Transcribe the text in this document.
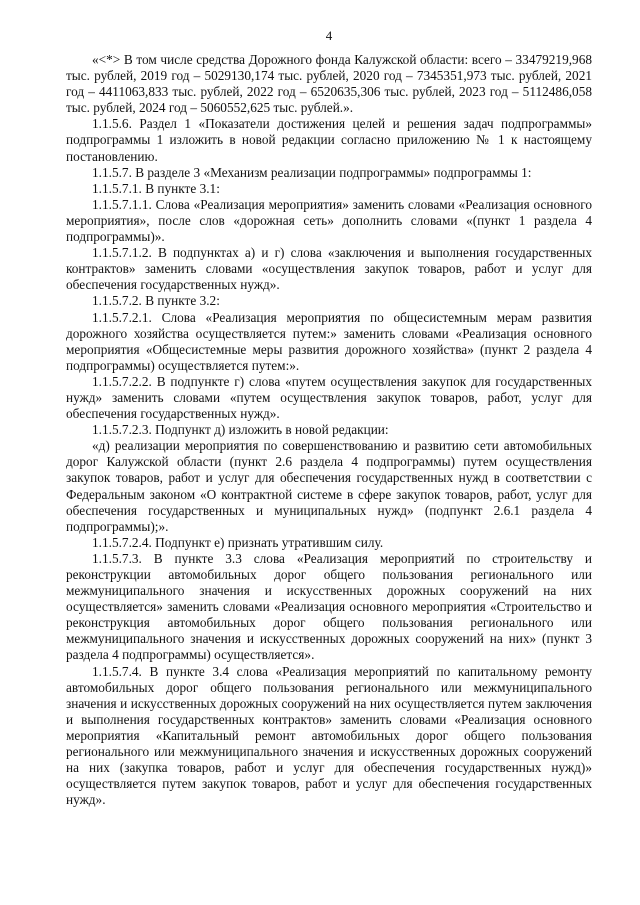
4

«<*> В том числе средства Дорожного фонда Калужской области: всего – 33479219,968 тыс. рублей, 2019 год – 5029130,174 тыс. рублей, 2020 год – 7345351,973 тыс. рублей, 2021 год – 4411063,833 тыс. рублей, 2022 год – 6520635,306 тыс. рублей, 2023 год – 5112486,058 тыс. рублей, 2024 год – 5060552,625 тыс. рублей.».

1.1.5.6. Раздел 1 «Показатели достижения целей и решения задач подпрограммы» подпрограммы 1 изложить в новой редакции согласно приложению № 1 к настоящему постановлению.

1.1.5.7. В разделе 3 «Механизм реализации подпрограммы» подпрограммы 1:

1.1.5.7.1. В пункте 3.1:

1.1.5.7.1.1. Слова «Реализация мероприятия» заменить словами «Реализация основного мероприятия», после слов «дорожная сеть» дополнить словами «(пункт 1 раздела 4 подпрограммы)».

1.1.5.7.1.2. В подпунктах а) и г) слова «заключения и выполнения государственных контрактов» заменить словами «осуществления закупок товаров, работ и услуг для обеспечения государственных нужд».

1.1.5.7.2. В пункте 3.2:

1.1.5.7.2.1. Слова «Реализация мероприятия по общесистемным мерам развития дорожного хозяйства осуществляется путем:» заменить словами «Реализация основного мероприятия «Общесистемные меры развития дорожного хозяйства» (пункт 2 раздела 4 подпрограммы) осуществляется путем:».

1.1.5.7.2.2. В подпункте г) слова «путем осуществления закупок для государственных нужд» заменить словами «путем осуществления закупок товаров, работ, услуг для обеспечения государственных нужд».

1.1.5.7.2.3. Подпункт д) изложить в новой редакции:

«д) реализации мероприятия по совершенствованию и развитию сети автомобильных дорог Калужской области (пункт 2.6 раздела 4 подпрограммы) путем осуществления закупок товаров, работ и услуг для обеспечения государственных нужд в соответствии с Федеральным законом «О контрактной системе в сфере закупок товаров, работ, услуг для обеспечения государственных и муниципальных нужд» (подпункт 2.6.1 раздела 4 подпрограммы);».

1.1.5.7.2.4. Подпункт е) признать утратившим силу.

1.1.5.7.3. В пункте 3.3 слова «Реализация мероприятий по строительству и реконструкции автомобильных дорог общего пользования регионального или межмуниципального значения и искусственных дорожных сооружений на них осуществляется» заменить словами «Реализация основного мероприятия «Строительство и реконструкция автомобильных дорог общего пользования регионального или межмуниципального значения и искусственных дорожных сооружений на них» (пункт 3 раздела 4 подпрограммы) осуществляется».

1.1.5.7.4. В пункте 3.4 слова «Реализация мероприятий по капитальному ремонту автомобильных дорог общего пользования регионального или межмуниципального значения и искусственных дорожных сооружений на них осуществляется путем заключения и выполнения государственных контрактов» заменить словами «Реализация основного мероприятия «Капитальный ремонт автомобильных дорог общего пользования регионального или межмуниципального значения и искусственных дорожных сооружений на них (закупка товаров, работ и услуг для обеспечения государственных нужд)» осуществляется путем закупок товаров, работ и услуг для обеспечения государственных нужд».
